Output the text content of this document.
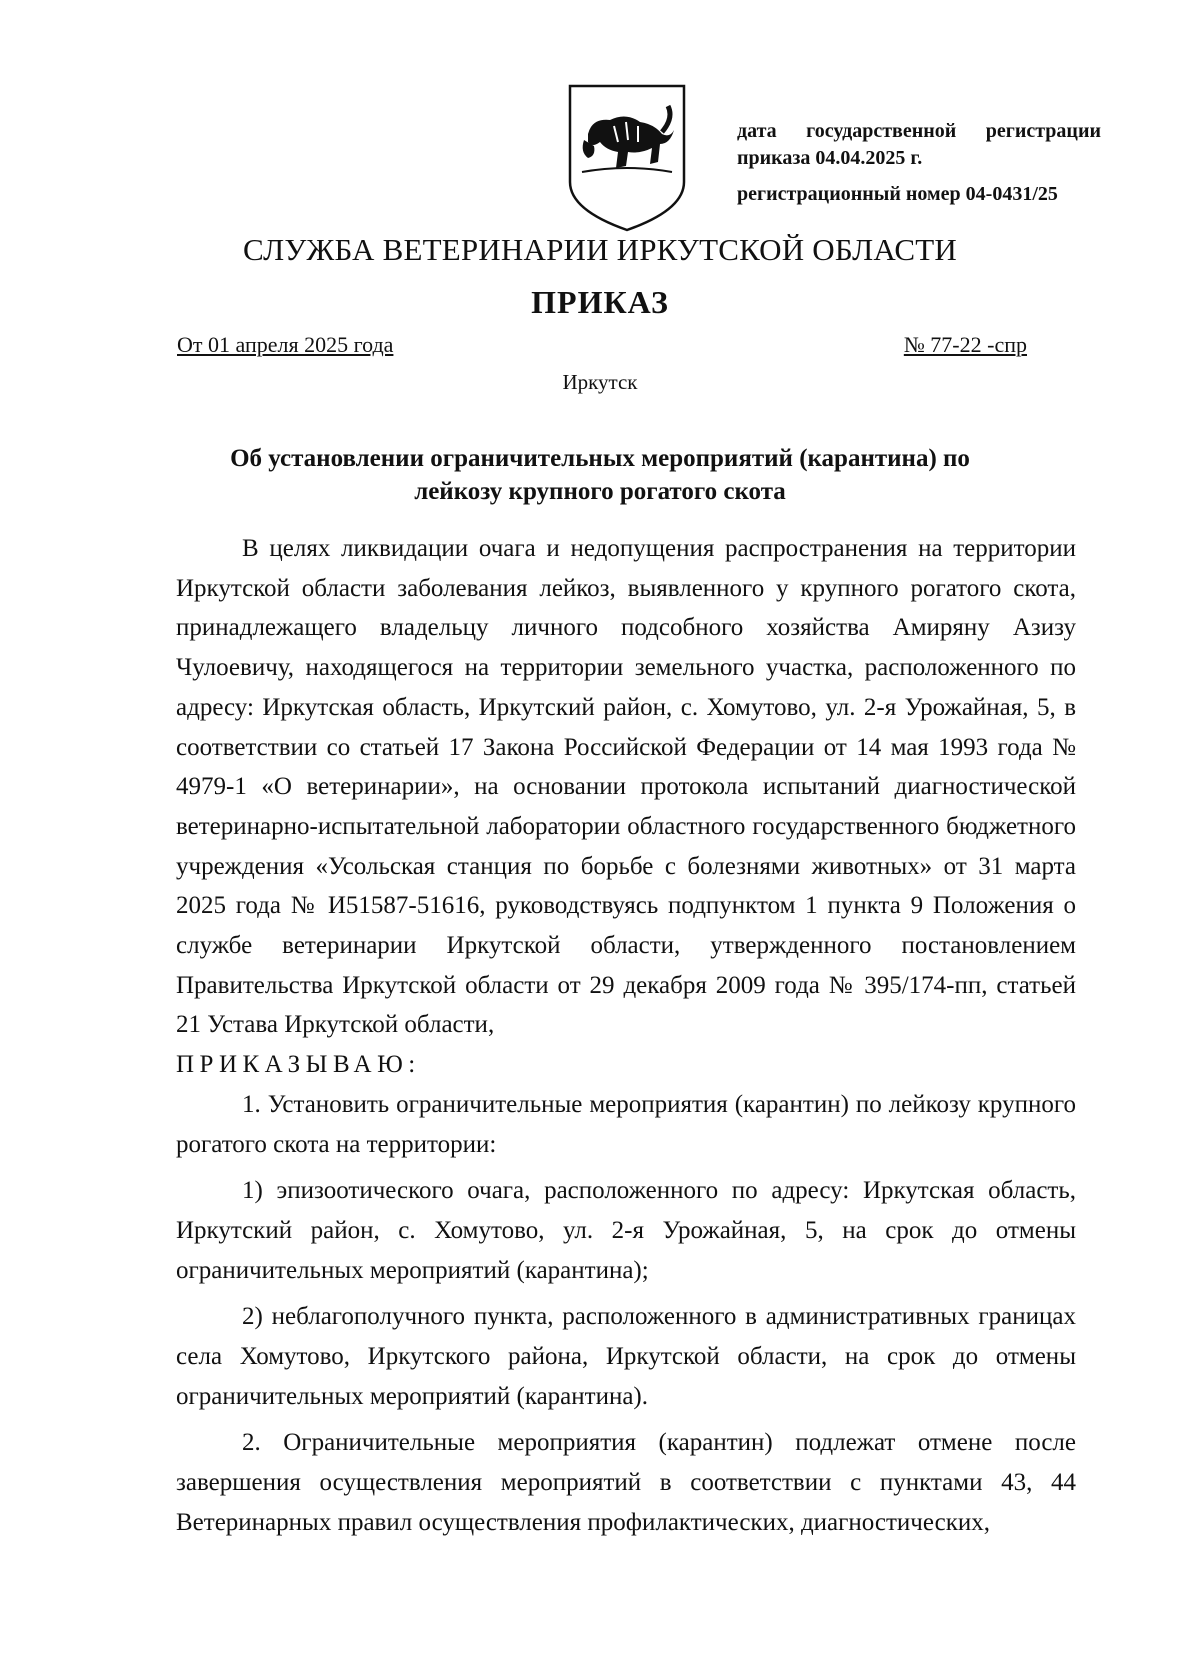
дата государственной регистрации

приказа 04.04.2025 г.

регистрационный номер 04-0431/25

СЛУЖБА ВЕТЕРИНАРИИ ИРКУТСКОЙ ОБЛАСТИ
ПРИКАЗ
От 01 апреля 2025 года	№ 77-22 -спр
Иркутск
Об установлении ограничительных мероприятий (карантина) по
лейкозу крупного рогатого скота

В целях ликвидации очага и недопущения распространения на территории Иркутской области заболевания лейкоз, выявленного у крупного рогатого скота, принадлежащего владельцу личного подсобного хозяйства Амиряну Азизу Чулоевичу, находящегося на территории земельного участка, расположенного по адресу: Иркутская область, Иркутский район, с. Хомутово, ул. 2-я Урожайная, 5, в соответствии со статьей 17 Закона Российской Федерации от 14 мая 1993 года № 4979-1 «О ветеринарии», на основании протокола испытаний диагностической ветеринарно-испытательной лаборатории областного государственного бюджетного учреждения «Усольская станция по борьбе с болезнями животных» от 31 марта 2025 года № И51587-51616, руководствуясь подпунктом 1 пункта 9 Положения о службе ветеринарии Иркутской области, утвержденного постановлением Правительства Иркутской области от 29 декабря 2009 года № 395/174-пп, статьей 21 Устава Иркутской области,

ПРИКАЗЫВАЮ:

1. Установить ограничительные мероприятия (карантин) по лейкозу крупного рогатого скота на территории:

1) эпизоотического очага, расположенного по адресу: Иркутская область, Иркутский район, с. Хомутово, ул. 2-я Урожайная, 5, на срок до отмены ограничительных мероприятий (карантина);

2) неблагополучного пункта, расположенного в административных границах села Хомутово, Иркутского района, Иркутской области, на срок до отмены ограничительных мероприятий (карантина).

2. Ограничительные мероприятия (карантин) подлежат отмене после завершения осуществления мероприятий в соответствии с пунктами 43, 44 Ветеринарных правил осуществления профилактических, диагностических,
